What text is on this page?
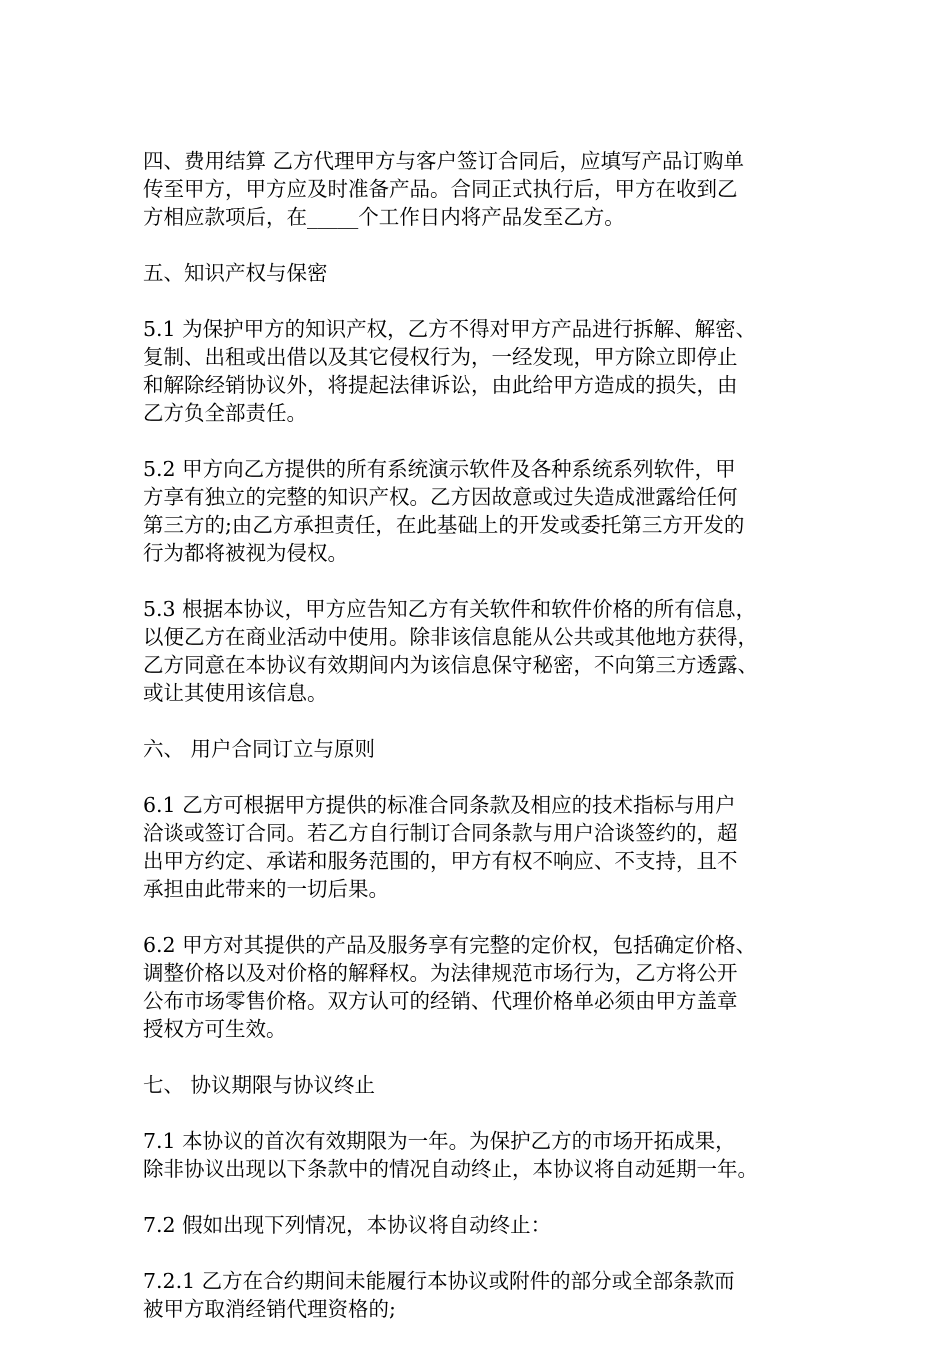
四、费用结算 乙方代理甲方与客户签订合同后，应填写产品订购单
传至甲方，甲方应及时准备产品。合同正式执行后，甲方在收到乙
方相应款项后，在_____个工作日内将产品发至乙方。
五、知识产权与保密
5.1 为保护甲方的知识产权，乙方不得对甲方产品进行拆解、解密、
复制、出租或出借以及其它侵权行为，一经发现，甲方除立即停止
和解除经销协议外，将提起法律诉讼，由此给甲方造成的损失，由
乙方负全部责任。
5.2 甲方向乙方提供的所有系统演示软件及各种系统系列软件，甲
方享有独立的完整的知识产权。乙方因故意或过失造成泄露给任何
第三方的;由乙方承担责任，在此基础上的开发或委托第三方开发的
行为都将被视为侵权。
5.3 根据本协议，甲方应告知乙方有关软件和软件价格的所有信息，
以便乙方在商业活动中使用。除非该信息能从公共或其他地方获得，
乙方同意在本协议有效期间内为该信息保守秘密，不向第三方透露、
或让其使用该信息。
六、 用户合同订立与原则
6.1 乙方可根据甲方提供的标准合同条款及相应的技术指标与用户
洽谈或签订合同。若乙方自行制订合同条款与用户洽谈签约的，超
出甲方约定、承诺和服务范围的，甲方有权不响应、不支持，且不
承担由此带来的一切后果。
6.2 甲方对其提供的产品及服务享有完整的定价权，包括确定价格、
调整价格以及对价格的解释权。为法律规范市场行为，乙方将公开
公布市场零售价格。双方认可的经销、代理价格单必须由甲方盖章
授权方可生效。
七、 协议期限与协议终止
7.1 本协议的首次有效期限为一年。为保护乙方的市场开拓成果，
除非协议出现以下条款中的情况自动终止，本协议将自动延期一年。
7.2 假如出现下列情况，本协议将自动终止：
7.2.1 乙方在合约期间未能履行本协议或附件的部分或全部条款而
被甲方取消经销代理资格的;
